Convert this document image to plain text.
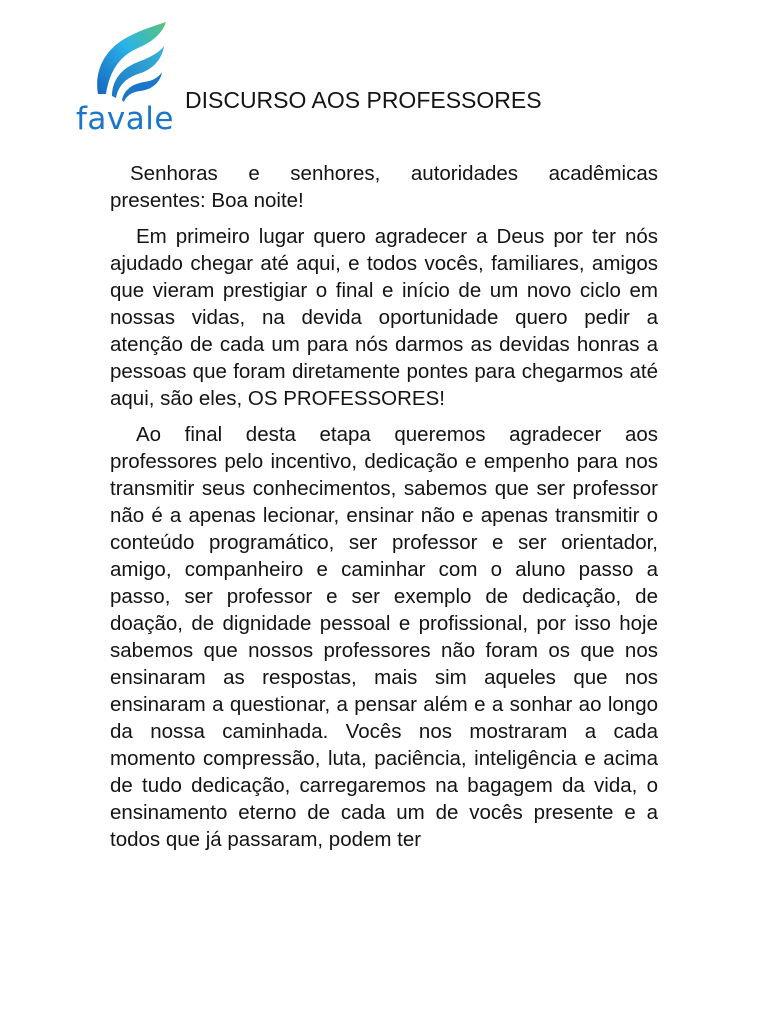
favale
DISCURSO AOS PROFESSORES

Senhoras e senhores, autoridades acadêmicas presentes: Boa noite!

Em primeiro lugar quero agradecer a Deus por ter nós ajudado chegar até aqui, e todos vocês, familiares, amigos que vieram prestigiar o final e início de um novo ciclo em nossas vidas, na devida oportunidade quero pedir a atenção de cada um para nós darmos as devidas honras a pessoas que foram diretamente pontes para chegarmos até aqui, são eles, OS PROFESSORES!

Ao final desta etapa queremos agradecer aos professores pelo incentivo, dedicação e empenho para nos transmitir seus conhecimentos, sabemos que ser professor não é a apenas lecionar, ensinar não e apenas transmitir o conteúdo programático, ser professor e ser orientador, amigo, companheiro e caminhar com o aluno passo a passo, ser professor e ser exemplo de dedicação, de doação, de dignidade pessoal e profissional, por isso hoje sabemos que nossos professores não foram os que nos ensinaram as respostas, mais sim aqueles que nos ensinaram a questionar, a pensar além e a sonhar ao longo da nossa caminhada. Vocês nos mostraram a cada momento compressão, luta, paciência, inteligência e acima de tudo dedicação, carregaremos na bagagem da vida, o ensinamento eterno de cada um de vocês presente e a todos que já passaram, podem ter
